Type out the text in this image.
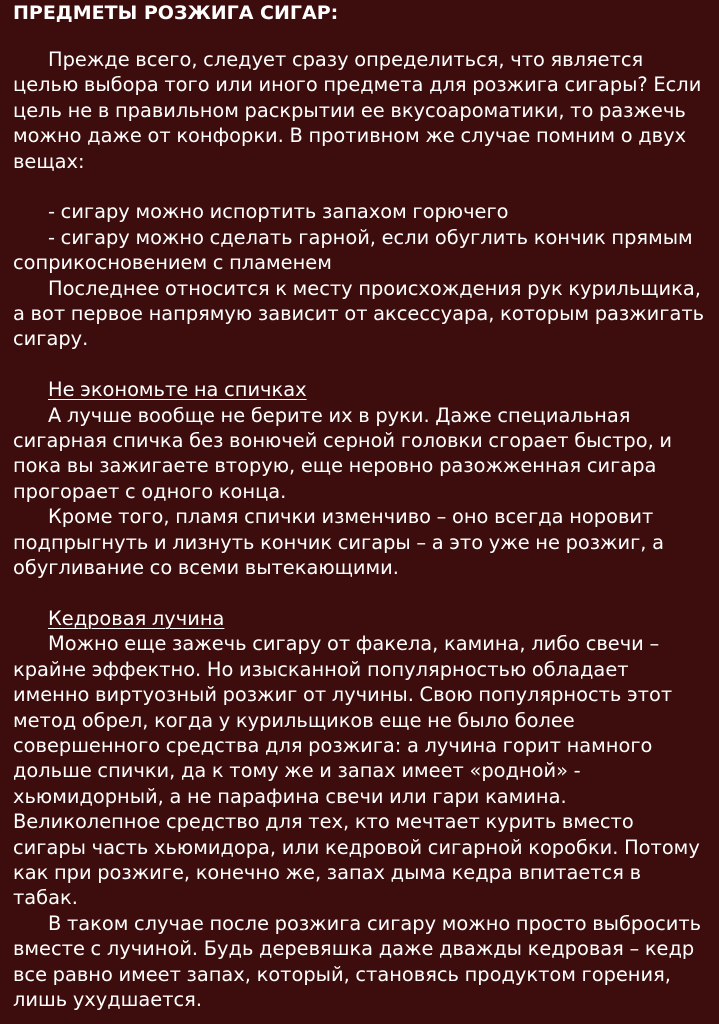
ПРЕДМЕТЫ РОЗЖИГА СИГАР:

Прежде всего, следует сразу определиться, что является целью выбора того или иного предмета для розжига сигары? Если цель не в правильном раскрытии ее вкусоароматики, то разжечь можно даже от конфорки. В противном же случае помним о двух вещах:

- сигару можно испортить запахом горючего

- сигару можно сделать гарной, если обуглить кончик прямым соприкосновением с пламенем

Последнее относится к месту происхождения рук курильщика, а вот первое напрямую зависит от аксессуара, которым разжигать сигару.

Не экономьте на спичках

А лучше вообще не берите их в руки. Даже специальная сигарная спичка без вонючей серной головки сгорает быстро, и пока вы зажигаете вторую, еще неровно разожженная сигара прогорает с одного конца.

Кроме того, пламя спички изменчиво – оно всегда норовит подпрыгнуть и лизнуть кончик сигары – а это уже не розжиг, а обугливание со всеми вытекающими.

Кедровая лучина

Можно еще зажечь сигару от факела, камина, либо свечи – крайне эффектно. Но изысканной популярностью обладает именно виртуозный розжиг от лучины. Свою популярность этот метод обрел, когда у курильщиков еще не было более совершенного средства для розжига: а лучина горит намного дольше спички, да к тому же и запах имеет «родной» - хьюмидорный, а не парафина свечи или гари камина. Великолепное средство для тех, кто мечтает курить вместо сигары часть хьюмидора, или кедровой сигарной коробки. Потому как при розжиге, конечно же, запах дыма кедра впитается в табак.

В таком случае после розжига сигару можно просто выбросить вместе с лучиной. Будь деревяшка даже дважды кедровая – кедр все равно имеет запах, который, становясь продуктом горения, лишь ухудшается.
